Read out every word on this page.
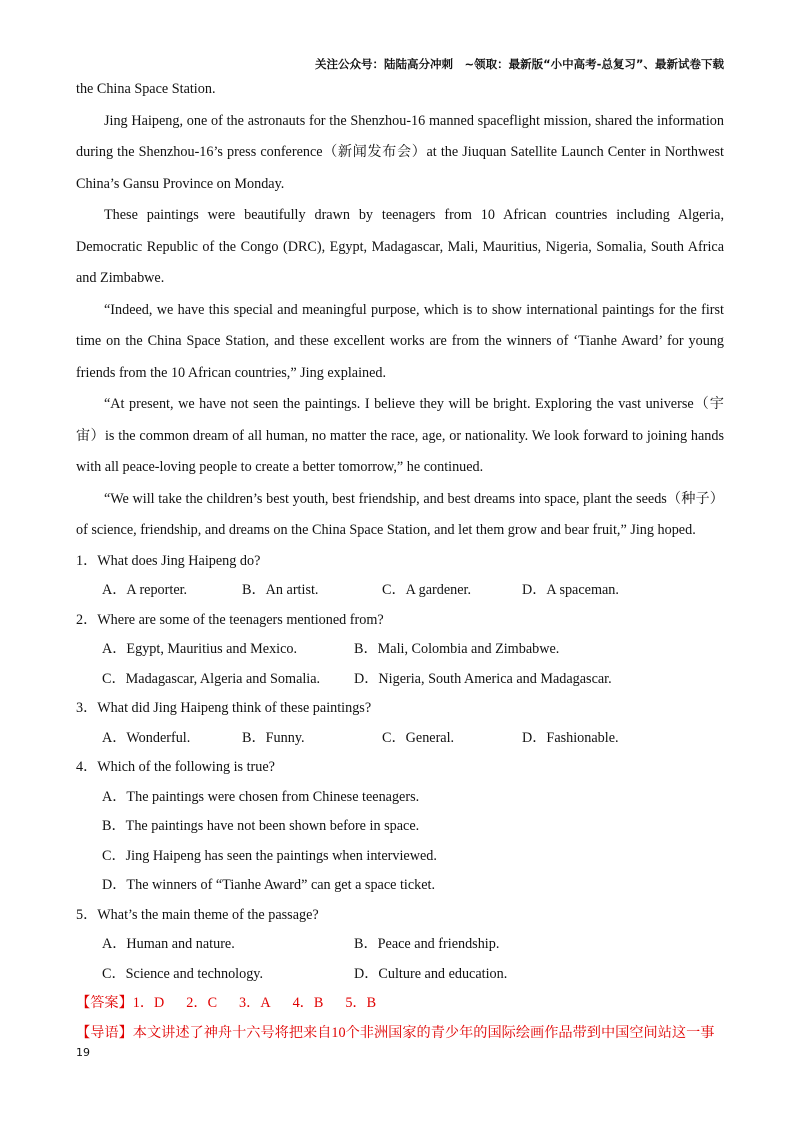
关注公众号：陆陆高分冲刺　~领取：最新版“小中高考-总复习”、最新试卷下载

the China Space Station.

Jing Haipeng, one of the astronauts for the Shenzhou-16 manned spaceflight mission, shared the information during the Shenzhou-16’s press conference（新闻发布会）at the Jiuquan Satellite Launch Center in Northwest China’s Gansu Province on Monday.

These paintings were beautifully drawn by teenagers from 10 African countries including Algeria, Democratic Republic of the Congo (DRC), Egypt, Madagascar, Mali, Mauritius, Nigeria, Somalia, South Africa and Zimbabwe.

“Indeed, we have this special and meaningful purpose, which is to show international paintings for the first time on the China Space Station, and these excellent works are from the winners of ‘Tianhe Award’ for young friends from the 10 African countries,” Jing explained.

“At present, we have not seen the paintings. I believe they will be bright. Exploring the vast universe（宇宙）is the common dream of all human, no matter the race, age, or nationality. We look forward to joining hands with all peace-loving people to create a better tomorrow,” he continued.

“We will take the children’s best youth, best friendship, and best dreams into space, plant the seeds（种子）of science, friendship, and dreams on the China Space Station, and let them grow and bear fruit,” Jing hoped.

1．What does Jing Haipeng do?

A．A reporter.	B．An artist.	C．A gardener.	D．A spaceman.

2．Where are some of the teenagers mentioned from?

A．Egypt, Mauritius and Mexico.	B．Mali, Colombia and Zimbabwe.
C．Madagascar, Algeria and Somalia.	D．Nigeria, South America and Madagascar.

3．What did Jing Haipeng think of these paintings?

A．Wonderful.	B．Funny.	C．General.	D．Fashionable.

4．Which of the following is true?

A．The paintings were chosen from Chinese teenagers.
B．The paintings have not been shown before in space.
C．Jing Haipeng has seen the paintings when interviewed.
D．The winners of “Tianhe Award” can get a space ticket.

5．What’s the main theme of the passage?

A．Human and nature.	B．Peace and friendship.
C．Science and technology.	D．Culture and education.

【答案】1．D 2．C 3．A 4．B 5．B

【导语】本文讲述了神舟十六号将把来自10个非洲国家的青少年的国际绘画作品带到中国空间站这一事

19
